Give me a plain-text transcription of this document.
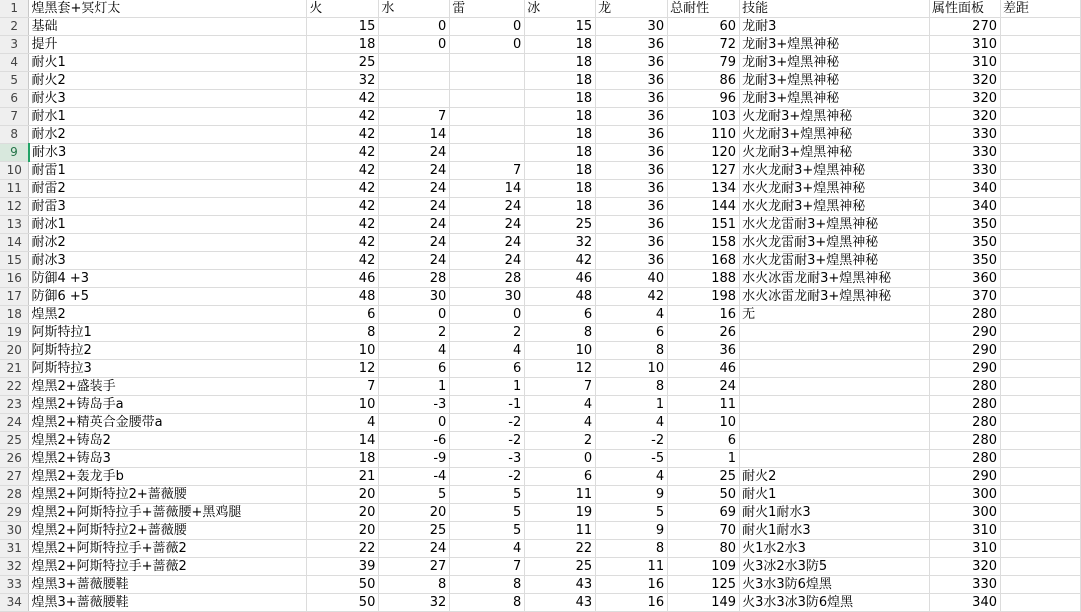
1	煌黑套+冥灯太	火	水	雷	冰	龙	总耐性	技能	属性面板	差距
2	基础	15	0	0	15	30	60	龙耐3	270	
3	提升	18	0	0	18	36	72	龙耐3+煌黑神秘	310	
4	耐火1	25			18	36	79	龙耐3+煌黑神秘	310	
5	耐火2	32			18	36	86	龙耐3+煌黑神秘	320	
6	耐火3	42			18	36	96	龙耐3+煌黑神秘	320	
7	耐水1	42	7		18	36	103	火龙耐3+煌黑神秘	320	
8	耐水2	42	14		18	36	110	火龙耐3+煌黑神秘	330	
9	耐水3	42	24		18	36	120	火龙耐3+煌黑神秘	330	
10	耐雷1	42	24	7	18	36	127	水火龙耐3+煌黑神秘	330	
11	耐雷2	42	24	14	18	36	134	水火龙耐3+煌黑神秘	340	
12	耐雷3	42	24	24	18	36	144	水火龙耐3+煌黑神秘	340	
13	耐冰1	42	24	24	25	36	151	水火龙雷耐3+煌黑神秘	350	
14	耐冰2	42	24	24	32	36	158	水火龙雷耐3+煌黑神秘	350	
15	耐冰3	42	24	24	42	36	168	水火龙雷耐3+煌黑神秘	350	
16	防御4 +3	46	28	28	46	40	188	水火冰雷龙耐3+煌黑神秘	360	
17	防御6 +5	48	30	30	48	42	198	水火冰雷龙耐3+煌黑神秘	370	
18	煌黑2	6	0	0	6	4	16	无	280	
19	阿斯特拉1	8	2	2	8	6	26		290	
20	阿斯特拉2	10	4	4	10	8	36		290	
21	阿斯特拉3	12	6	6	12	10	46		290	
22	煌黑2+盛装手	7	1	1	7	8	24		280	
23	煌黑2+铸岛手a	10	-3	-1	4	1	11		280	
24	煌黑2+精英合金腰带a	4	0	-2	4	4	10		280	
25	煌黑2+铸岛2	14	-6	-2	2	-2	6		280	
26	煌黑2+铸岛3	18	-9	-3	0	-5	1		280	
27	煌黑2+轰龙手b	21	-4	-2	6	4	25	耐火2	290	
28	煌黑2+阿斯特拉2+蔷薇腰	20	5	5	11	9	50	耐火1	300	
29	煌黑2+阿斯特拉手+蔷薇腰+黑鸡腿	20	20	5	19	5	69	耐火1耐水3	300	
30	煌黑2+阿斯特拉2+蔷薇腰	20	25	5	11	9	70	耐火1耐水3	310	
31	煌黑2+阿斯特拉手+蔷薇2	22	24	4	22	8	80	火1水2水3	310	
32	煌黑2+阿斯特拉手+蔷薇2	39	27	7	25	11	109	火3冰2水3防5	320	
33	煌黑3+蔷薇腰鞋	50	8	8	43	16	125	火3水3防6煌黑	330	
34	煌黑3+蔷薇腰鞋	50	32	8	43	16	149	火3水3冰3防6煌黑	340	
